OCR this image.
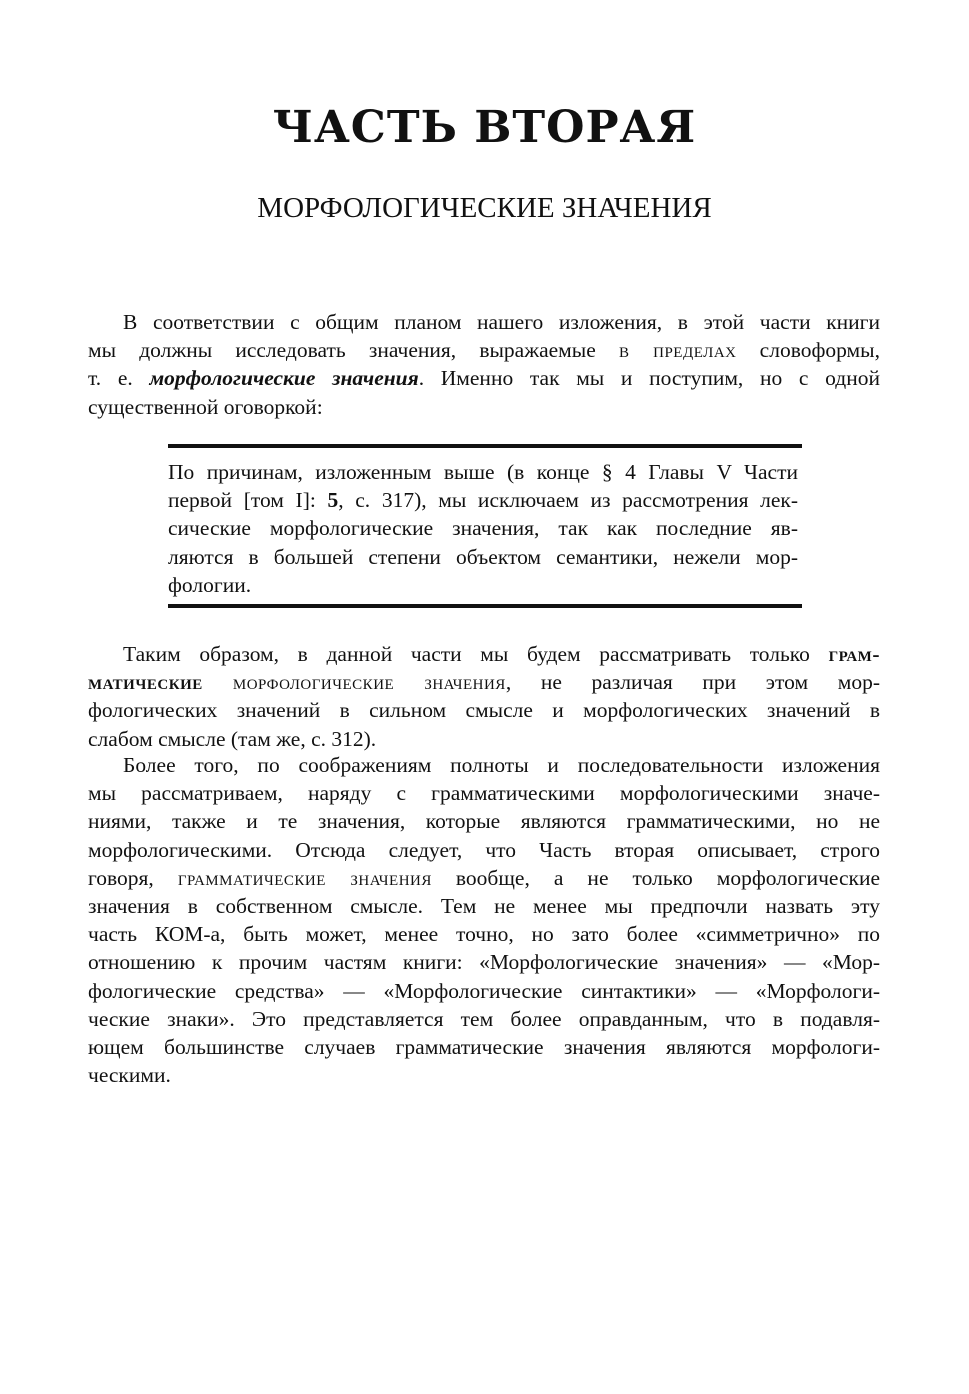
ЧАСТЬ ВТОРАЯ
МОРФОЛОГИЧЕСКИЕ ЗНАЧЕНИЯ
В соответствии с общим планом нашего изложения, в этой части книги
мы должны исследовать значения, выражаемые в пределах словоформы,
т. е. морфологические значения. Именно так мы и поступим, но с одной
существенной оговоркой:
По причинам, изложенным выше (в конце § 4 Главы V Части
первой [том I]: 5, с. 317), мы исключаем из рассмотрения лек-
сические морфологические значения, так как последние яв-
ляются в большей степени объектом семантики, нежели мор-
фологии.
Таким образом, в данной части мы будем рассматривать только грам-
матические морфологические значения, не различая при этом мор-
фологических значений в сильном смысле и морфологических значений в
слабом смысле (там же, с. 312).
Более того, по соображениям полноты и последовательности изложения
мы рассматриваем, наряду с грамматическими морфологическими значе-
ниями, также и те значения, которые являются грамматическими, но не
морфологическими. Отсюда следует, что Часть вторая описывает, строго
говоря, грамматические значения вообще, а не только морфологические
значения в собственном смысле. Тем не менее мы предпочли назвать эту
часть КОМ-а, быть может, менее точно, но зато более «симметрично» по
отношению к прочим частям книги: «Морфологические значения» — «Мор-
фологические средства» — «Морфологические синтактики» — «Морфологи-
ческие знаки». Это представляется тем более оправданным, что в подавля-
ющем большинстве случаев грамматические значения являются морфологи-
ческими.
